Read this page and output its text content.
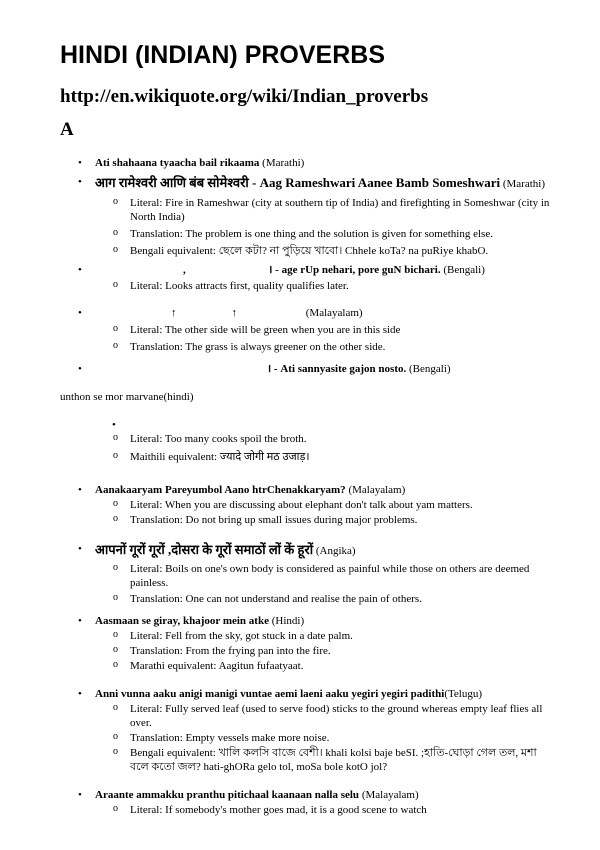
HINDI (INDIAN) PROVERBS
http://en.wikiquote.org/wiki/Indian_proverbs
A
• Ati shahaana tyaacha bail rikaama (Marathi)
• आग रामेश्वरी आणि बंब सोमेश्वरी - Aag Rameshwari Aanee Bamb Someshwari (Marathi)
o Literal: Fire in Rameshwar (city at southern tip of India) and firefighting in Someshwar (city in North India)
o Translation: The problem is one thing and the solution is given for something else.
o Bengali equivalent: ছেলে কটা? না পুড়িয়ে খাবো। Chhele koTa? na puRiye khabO.
• ,                              । - age rUp nehari, pore guN bichari. (Bengali)
o Literal: Looks attracts first, quality qualifies later.
• ↑                    ↑                         (Malayalam)
o Literal: The other side will be green when you are in this side
o Translation: The grass is always greener on the other side.
• । - Ati sannyasite gajon nosto. (Bengali)
unthon se mor marvane(hindi)
•
o Literal: Too many cooks spoil the broth.
o Maithili equivalent: ज्यादे जोगी मठ उजाड़।
• Aanakaaryam Pareyumbol Aano htrChenakkaryam? (Malayalam)
o Literal: When you are discussing about elephant don't talk about yam matters.
o Translation: Do not bring up small issues during major problems.
• आपनों गूरों गूरों ,दोसरा के गूरों समाठों लों कें हूरों (Angika)
o Literal: Boils on one's own body is considered as painful while those on others are deemed painless.
o Translation: One can not understand and realise the pain of others.
• Aasmaan se giray, khajoor mein atke (Hindi)
o Literal: Fell from the sky, got stuck in a date palm.
o Translation: From the frying pan into the fire.
o Marathi equivalent: Aagitun fufaatyaat.
• Anni vunna aaku anigi manigi vuntae aemi laeni aaku yegiri yegiri padithi(Telugu)
o Literal: Fully served leaf (used to serve food) sticks to the ground whereas empty leaf flies all over.
o Translation: Empty vessels make more noise.
o Bengali equivalent: খালি কলসি বাজে বেশী। khali kolsi baje beSI. ;হাতি-ঘোড়া গেল তল, মশা বলে কতো জল? hati-ghORa gelo tol, moSa bole kotO jol?
• Araante ammakku pranthu pitichaal kaanaan nalla selu (Malayalam)
o Literal: If somebody's mother goes mad, it is a good scene to watch
